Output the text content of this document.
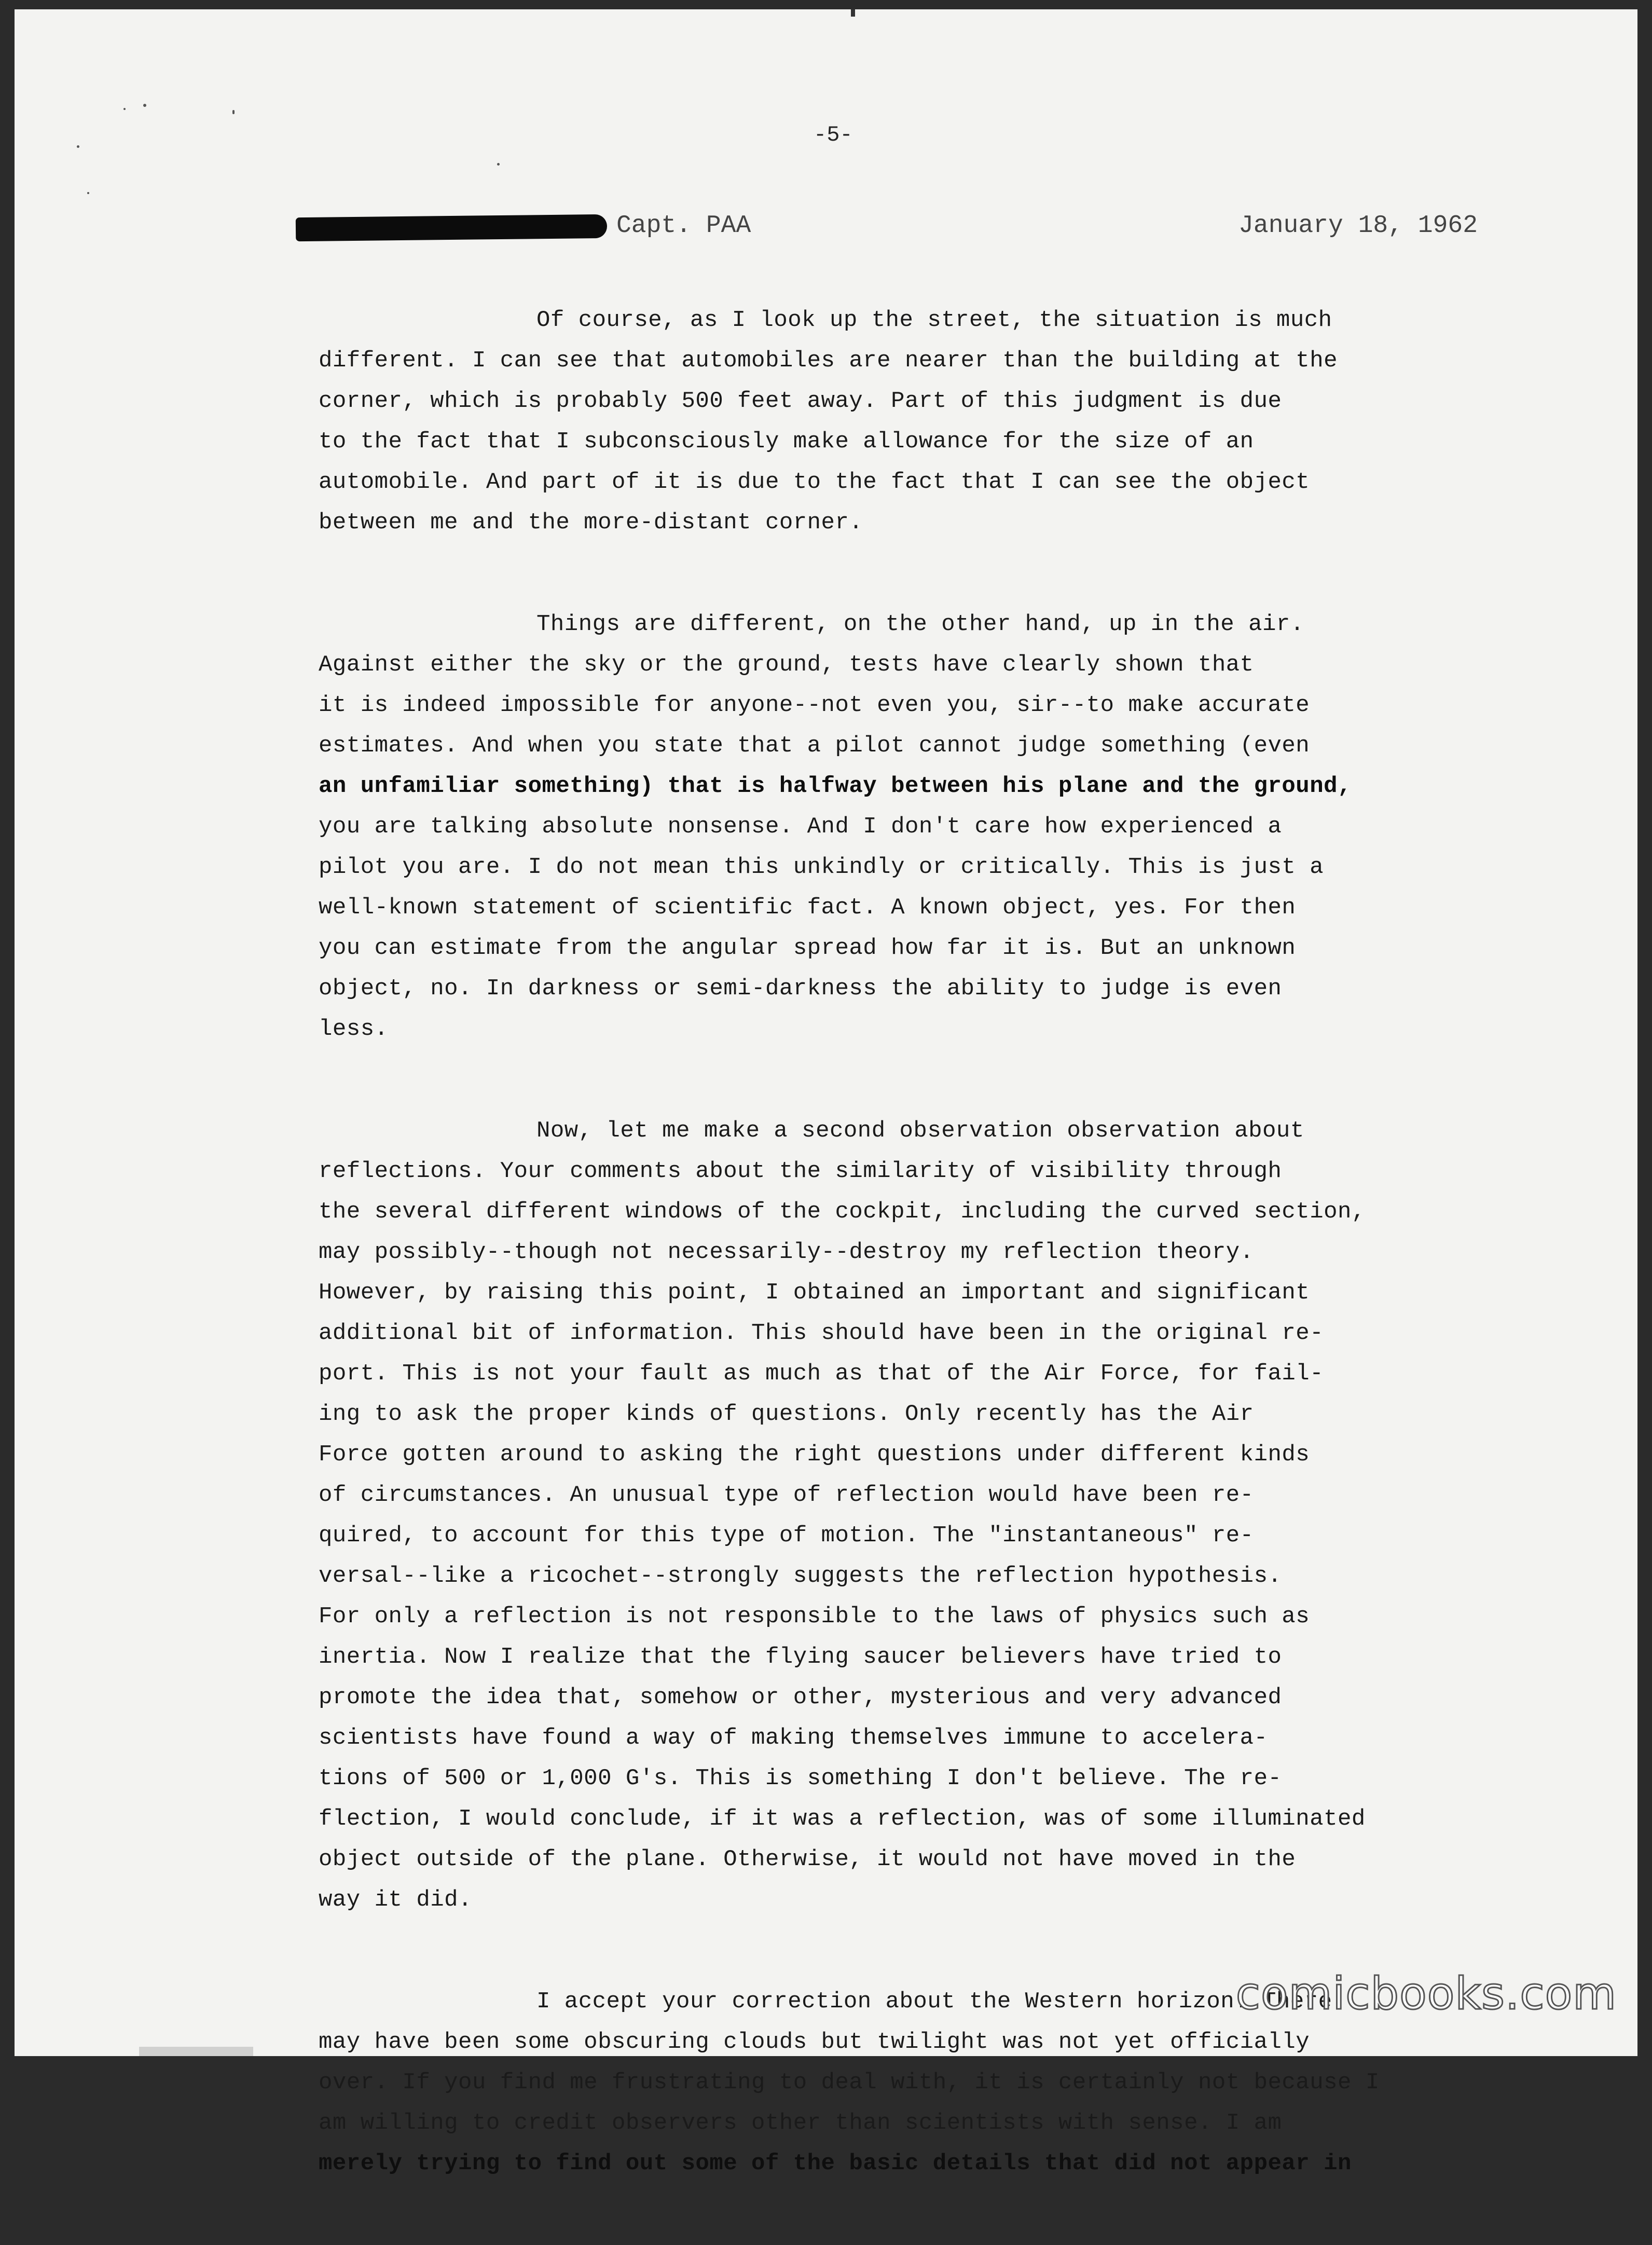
-5-
Capt. PAA	January 18, 1962
Of course, as I look up the street, the situation is much
different. I can see that automobiles are nearer than the building at the
corner, which is probably 500 feet away. Part of this judgment is due
to the fact that I subconsciously make allowance for the size of an
automobile. And part of it is due to the fact that I can see the object
between me and the more-distant corner.
Things are different, on the other hand, up in the air.
Against either the sky or the ground, tests have clearly shown that
it is indeed impossible for anyone--not even you, sir--to make accurate
estimates. And when you state that a pilot cannot judge something (even
an unfamiliar something) that is halfway between his plane and the ground,
you are talking absolute nonsense. And I don't care how experienced a
pilot you are. I do not mean this unkindly or critically. This is just a
well-known statement of scientific fact. A known object, yes. For then
you can estimate from the angular spread how far it is. But an unknown
object, no. In darkness or semi-darkness the ability to judge is even
less.
Now, let me make a second observation observation about
reflections. Your comments about the similarity of visibility through
the several different windows of the cockpit, including the curved section,
may possibly--though not necessarily--destroy my reflection theory.
However, by raising this point, I obtained an important and significant
additional bit of information. This should have been in the original re-
port. This is not your fault as much as that of the Air Force, for fail-
ing to ask the proper kinds of questions. Only recently has the Air
Force gotten around to asking the right questions under different kinds
of circumstances. An unusual type of reflection would have been re-
quired, to account for this type of motion. The "instantaneous" re-
versal--like a ricochet--strongly suggests the reflection hypothesis.
For only a reflection is not responsible to the laws of physics such as
inertia. Now I realize that the flying saucer believers have tried to
promote the idea that, somehow or other, mysterious and very advanced
scientists have found a way of making themselves immune to accelera-
tions of 500 or 1,000 G's. This is something I don't believe. The re-
flection, I would conclude, if it was a reflection, was of some illuminated
object outside of the plane. Otherwise, it would not have moved in the
way it did.
I accept your correction about the Western horizon. There
may have been some obscuring clouds but twilight was not yet officially
over. If you find me frustrating to deal with, it is certainly not because I
am willing to credit observers other than scientists with sense. I am
merely trying to find out some of the basic details that did not appear in
comicbooks.com
